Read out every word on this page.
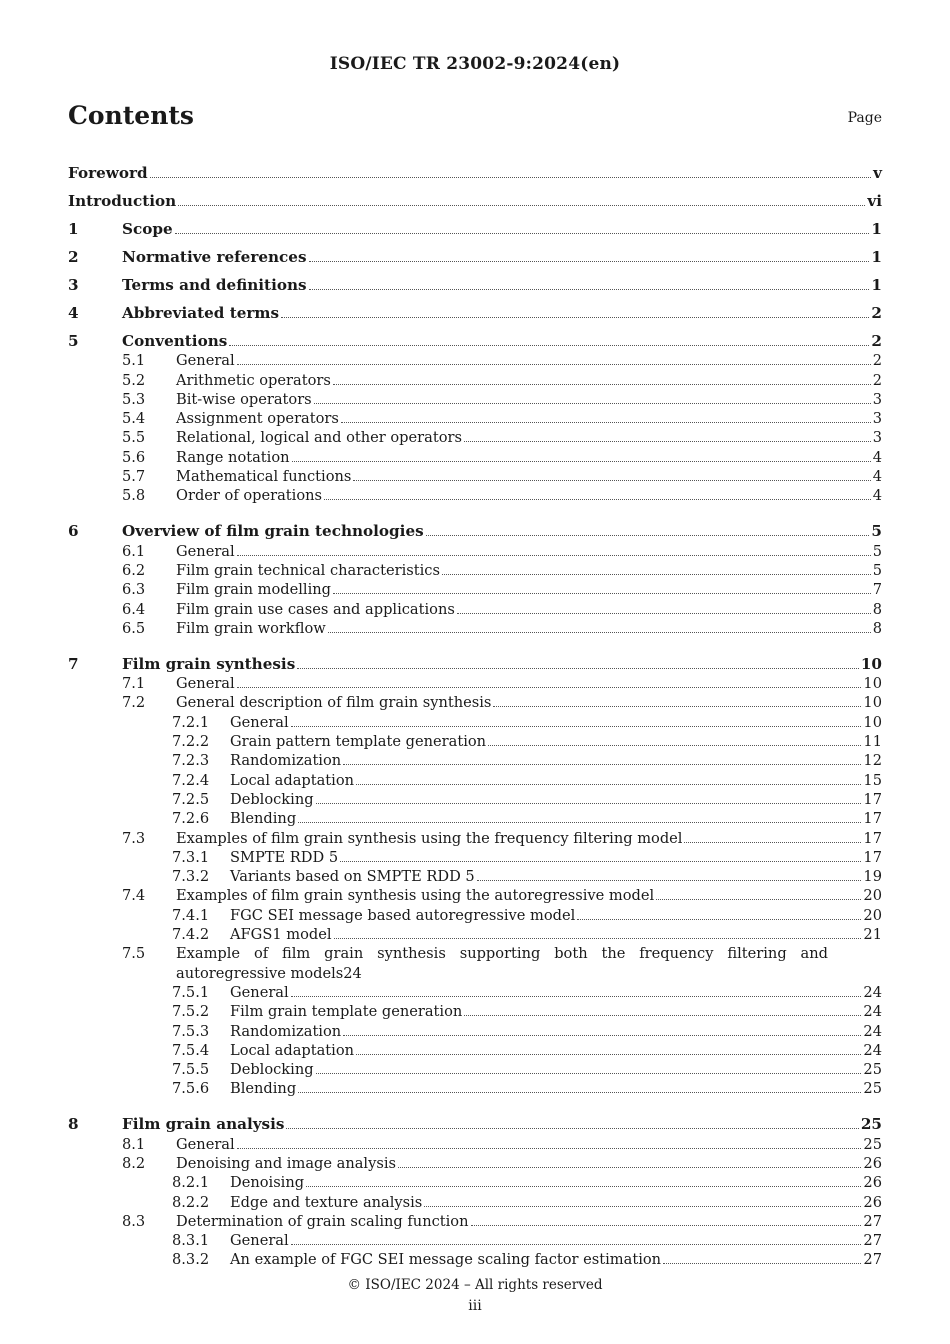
ISO/IEC TR 23002-9:2024(en)
Contents	Page
Foreword	v
Introduction	vi
1	Scope	1
2	Normative references	1
3	Terms and definitions	1
4	Abbreviated terms	2
5	Conventions	2
5.1	General	2
5.2	Arithmetic operators	2
5.3	Bit-wise operators	3
5.4	Assignment operators	3
5.5	Relational, logical and other operators	3
5.6	Range notation	4
5.7	Mathematical functions	4
5.8	Order of operations	4
6	Overview of film grain technologies	5
6.1	General	5
6.2	Film grain technical characteristics	5
6.3	Film grain modelling	7
6.4	Film grain use cases and applications	8
6.5	Film grain workflow	8
7	Film grain synthesis	10
7.1	General	10
7.2	General description of film grain synthesis	10
7.2.1	General	10
7.2.2	Grain pattern template generation	11
7.2.3	Randomization	12
7.2.4	Local adaptation	15
7.2.5	Deblocking	17
7.2.6	Blending	17
7.3	Examples of film grain synthesis using the frequency filtering model	17
7.3.1	SMPTE RDD 5	17
7.3.2	Variants based on SMPTE RDD 5	19
7.4	Examples of film grain synthesis using the autoregressive model	20
7.4.1	FGC SEI message based autoregressive model	20
7.4.2	AFGS1 model	21
7.5	Example of film grain synthesis supporting both the frequency filtering and
autoregressive models 24
7.5.1	General	24
7.5.2	Film grain template generation	24
7.5.3	Randomization	24
7.5.4	Local adaptation	24
7.5.5	Deblocking	25
7.5.6	Blending	25
8	Film grain analysis	25
8.1	General	25
8.2	Denoising and image analysis	26
8.2.1	Denoising	26
8.2.2	Edge and texture analysis	26
8.3	Determination of grain scaling function	27
8.3.1	General	27
8.3.2	An example of FGC SEI message scaling factor estimation	27
© ISO/IEC 2024 – All rights reserved
iii
